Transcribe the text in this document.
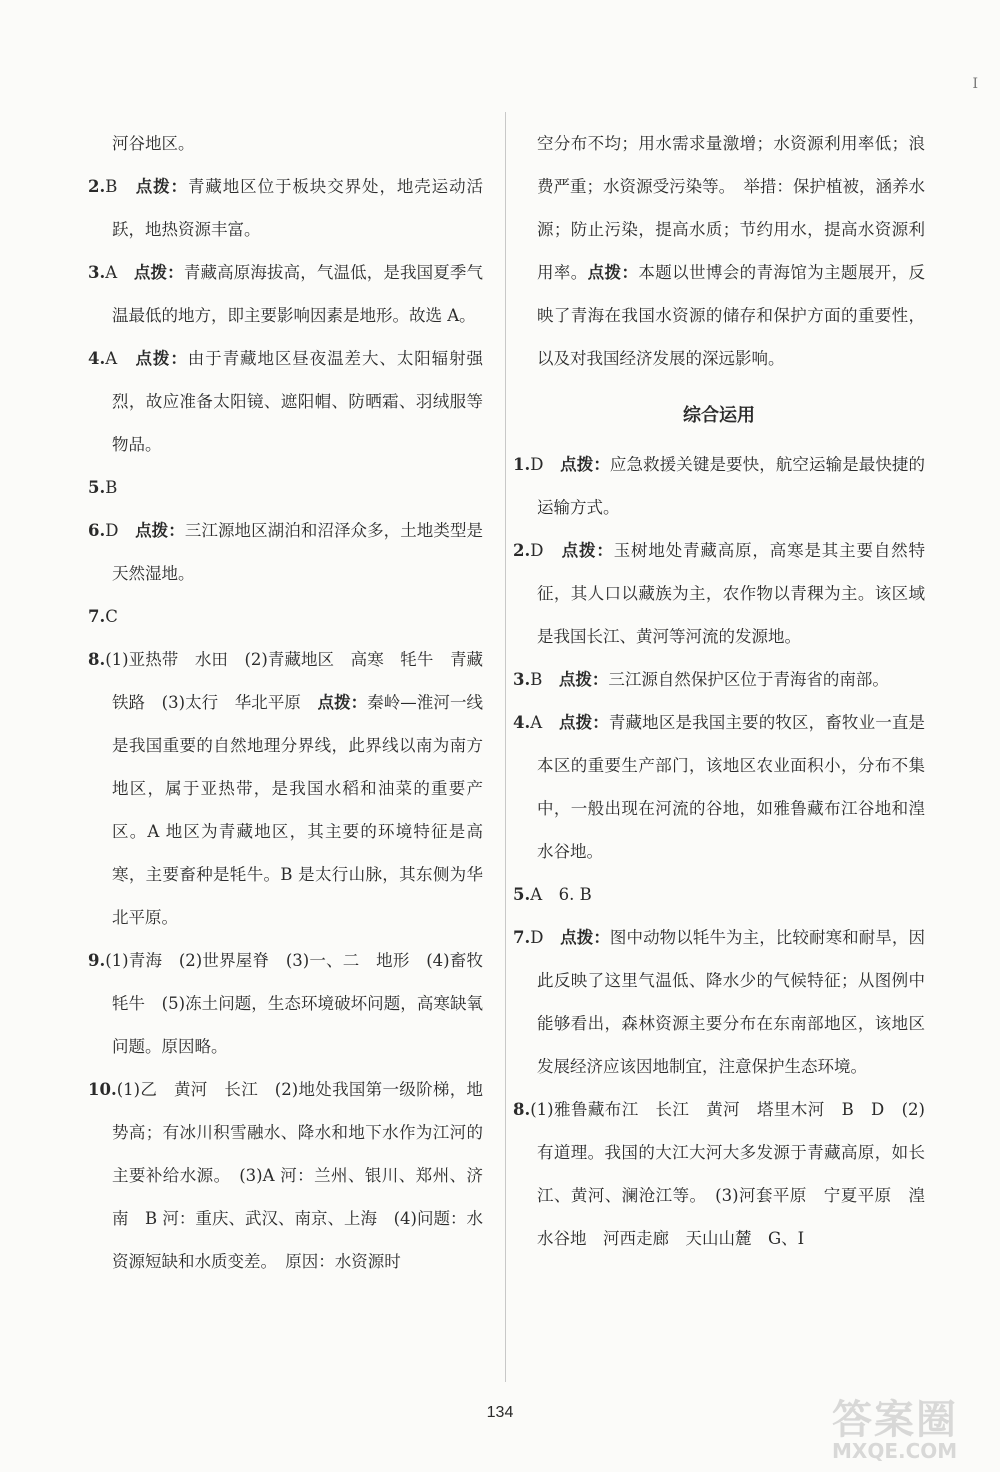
I
河谷地区。
2.B　 点拨：青藏地区位于板块交界处，地壳运动活跃，地热资源丰富。
3.A　 点拨：青藏高原海拔高，气温低，是我国夏季气温最低的地方，即主要影响因素是地形。故选 A。
4.A　 点拨：由于青藏地区昼夜温差大、太阳辐射强烈，故应准备太阳镜、遮阳帽、防晒霜、羽绒服等物品。
5.B
6.D　 点拨：三江源地区湖泊和沼泽众多，土地类型是天然湿地。
7.C
8.(1)亚热带　水田　(2)青藏地区　高寒　牦牛　青藏铁路　(3)太行　华北平原　 点拨：秦岭—淮河一线是我国重要的自然地理分界线，此界线以南为南方地区，属于亚热带，是我国水稻和油菜的重要产区。A 地区为青藏地区，其主要的环境特征是高寒，主要畜种是牦牛。B 是太行山脉，其东侧为华北平原。
9.(1)青海　(2)世界屋脊　(3)一、二　地形　(4)畜牧　牦牛　(5)冻土问题，生态环境破坏问题，高寒缺氧问题。原因略。
10.(1)乙　黄河　长江　(2)地处我国第一级阶梯，地势高；有冰川积雪融水、降水和地下水作为江河的主要补给水源。　(3)A 河：兰州、银川、郑州、济南　B 河：重庆、武汉、南京、上海　(4)问题：水资源短缺和水质变差。　原因：水资源时
空分布不均；用水需求量激增；水资源利用率低；浪费严重；水资源受污染等。　举措：保护植被，涵养水源；防止污染，提高水质；节约用水，提高水资源利用率。点拨：本题以世博会的青海馆为主题展开，反映了青海在我国水资源的储存和保护方面的重要性，以及对我国经济发展的深远影响。
综合运用
1.D　 点拨：应急救援关键是要快，航空运输是最快捷的运输方式。
2.D　 点拨：玉树地处青藏高原，高寒是其主要自然特征，其人口以藏族为主，农作物以青稞为主。该区域是我国长江、黄河等河流的发源地。
3.B　 点拨：三江源自然保护区位于青海省的南部。
4.A　 点拨：青藏地区是我国主要的牧区，畜牧业一直是本区的重要生产部门，该地区农业面积小，分布不集中，一般出现在河流的谷地，如雅鲁藏布江谷地和湟水谷地。
5.A　6. B
7.D　 点拨：图中动物以牦牛为主，比较耐寒和耐旱，因此反映了这里气温低、降水少的气候特征；从图例中能够看出，森林资源主要分布在东南部地区，该地区发展经济应该因地制宜，注意保护生态环境。
8.(1)雅鲁藏布江　长江　黄河　塔里木河　B　D　(2)有道理。我国的大江大河大多发源于青藏高原，如长江、黄河、澜沧江等。　(3)河套平原　宁夏平原　湟水谷地　河西走廊　天山山麓　G、I
134	答案圈
MXQE.COM
